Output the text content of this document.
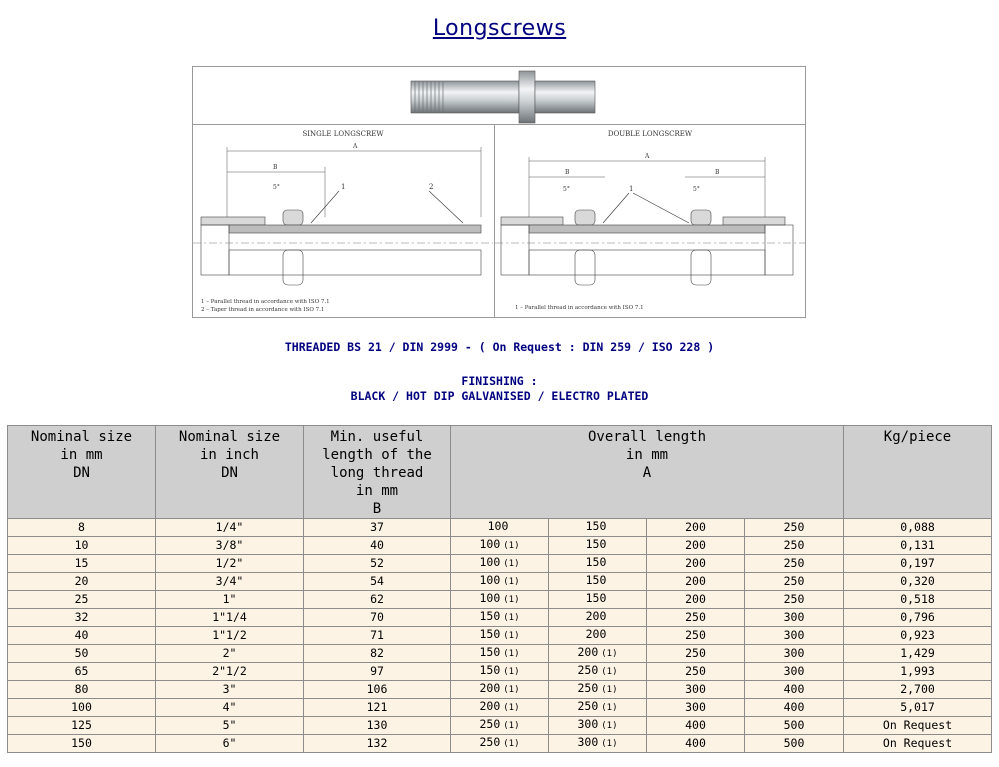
Longscrews
SINGLE LONGSCREW
A
B
5°	1	2
1 – Parallel thread in accordance with ISO 7.1
2 – Taper thread in accordance with ISO 7.1
DOUBLE LONGSCREW
A
B	B
5°	5°
1
1 – Parallel thread in accordance with ISO 7.1
THREADED BS 21 / DIN 2999 - ( On Request : DIN 259 / ISO 228 )
FINISHING :
BLACK / HOT DIP GALVANISED / ELECTRO PLATED
Nominal size
in mm
DN	Nominal size
in inch
DN	Min. useful
length of the
long thread
in mm
B	Overall length
in mm
A				Kg/piece
8	1/4"	37	100	150	200	250	0,088
10	3/8"	40	100 (1)	150	200	250	0,131
15	1/2"	52	100 (1)	150	200	250	0,197
20	3/4"	54	100 (1)	150	200	250	0,320
25	1"	62	100 (1)	150	200	250	0,518
32	1"1/4	70	150 (1)	200	250	300	0,796
40	1"1/2	71	150 (1)	200	250	300	0,923
50	2"	82	150 (1)	200 (1)	250	300	1,429
65	2"1/2	97	150 (1)	250 (1)	250	300	1,993
80	3"	106	200 (1)	250 (1)	300	400	2,700
100	4"	121	200 (1)	250 (1)	300	400	5,017
125	5"	130	250 (1)	300 (1)	400	500	On Request
150	6"	132	250 (1)	300 (1)	400	500	On Request
